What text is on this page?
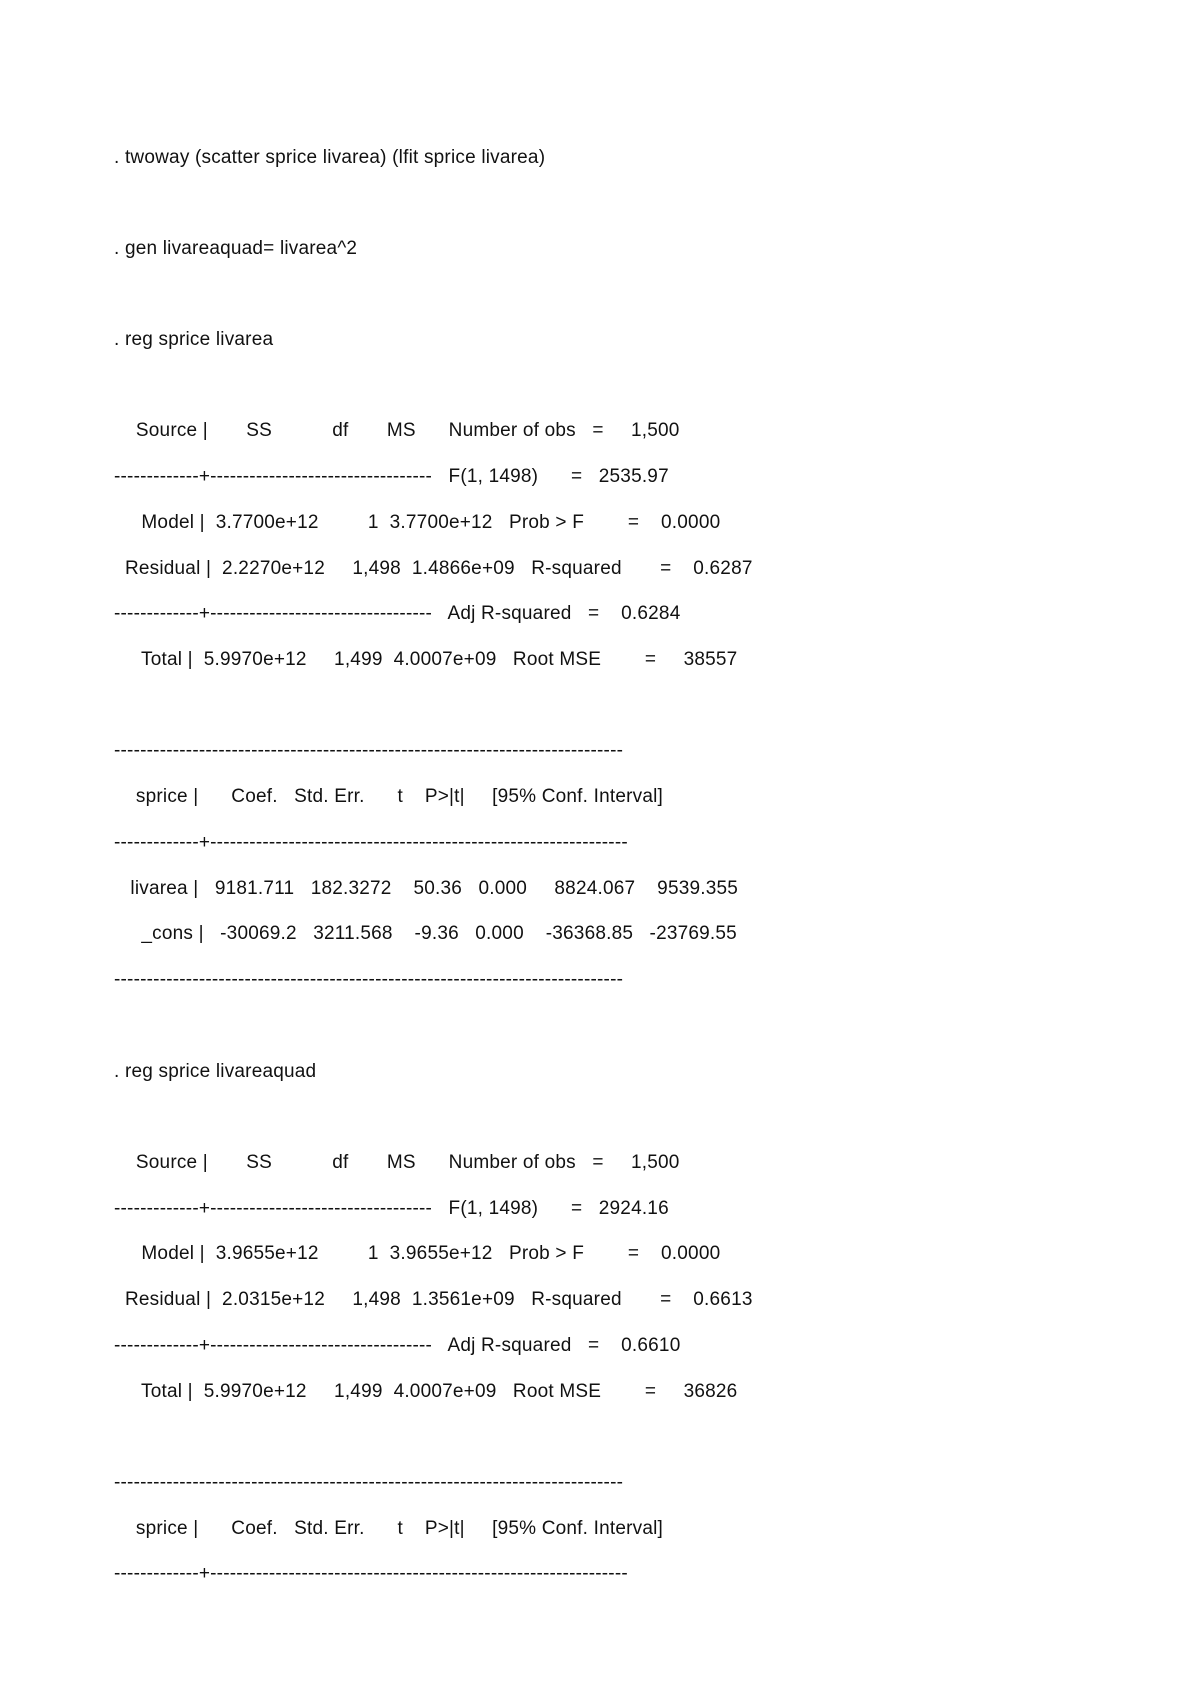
. twoway (scatter sprice livarea) (lfit sprice livarea)
. gen livareaquad= livarea^2
. reg sprice livarea
Source |       SS           df       MS      Number of obs   =     1,500
-------------+----------------------------------   F(1, 1498)      =   2535.97
Model |  3.7700e+12         1  3.7700e+12   Prob > F        =    0.0000
Residual |  2.2270e+12     1,498  1.4866e+09   R-squared       =    0.6287
-------------+----------------------------------   Adj R-squared   =    0.6284
Total |  5.9970e+12     1,499  4.0007e+09   Root MSE        =     38557
------------------------------------------------------------------------------
sprice |      Coef.   Std. Err.      t    P>|t|     [95% Conf. Interval]
-------------+----------------------------------------------------------------
livarea |   9181.711   182.3272    50.36   0.000     8824.067    9539.355
_cons |   -30069.2   3211.568    -9.36   0.000    -36368.85   -23769.55
------------------------------------------------------------------------------
. reg sprice livareaquad
Source |       SS           df       MS      Number of obs   =     1,500
-------------+----------------------------------   F(1, 1498)      =   2924.16
Model |  3.9655e+12         1  3.9655e+12   Prob > F        =    0.0000
Residual |  2.0315e+12     1,498  1.3561e+09   R-squared       =    0.6613
-------------+----------------------------------   Adj R-squared   =    0.6610
Total |  5.9970e+12     1,499  4.0007e+09   Root MSE        =     36826
------------------------------------------------------------------------------
sprice |      Coef.   Std. Err.      t    P>|t|     [95% Conf. Interval]
-------------+----------------------------------------------------------------
